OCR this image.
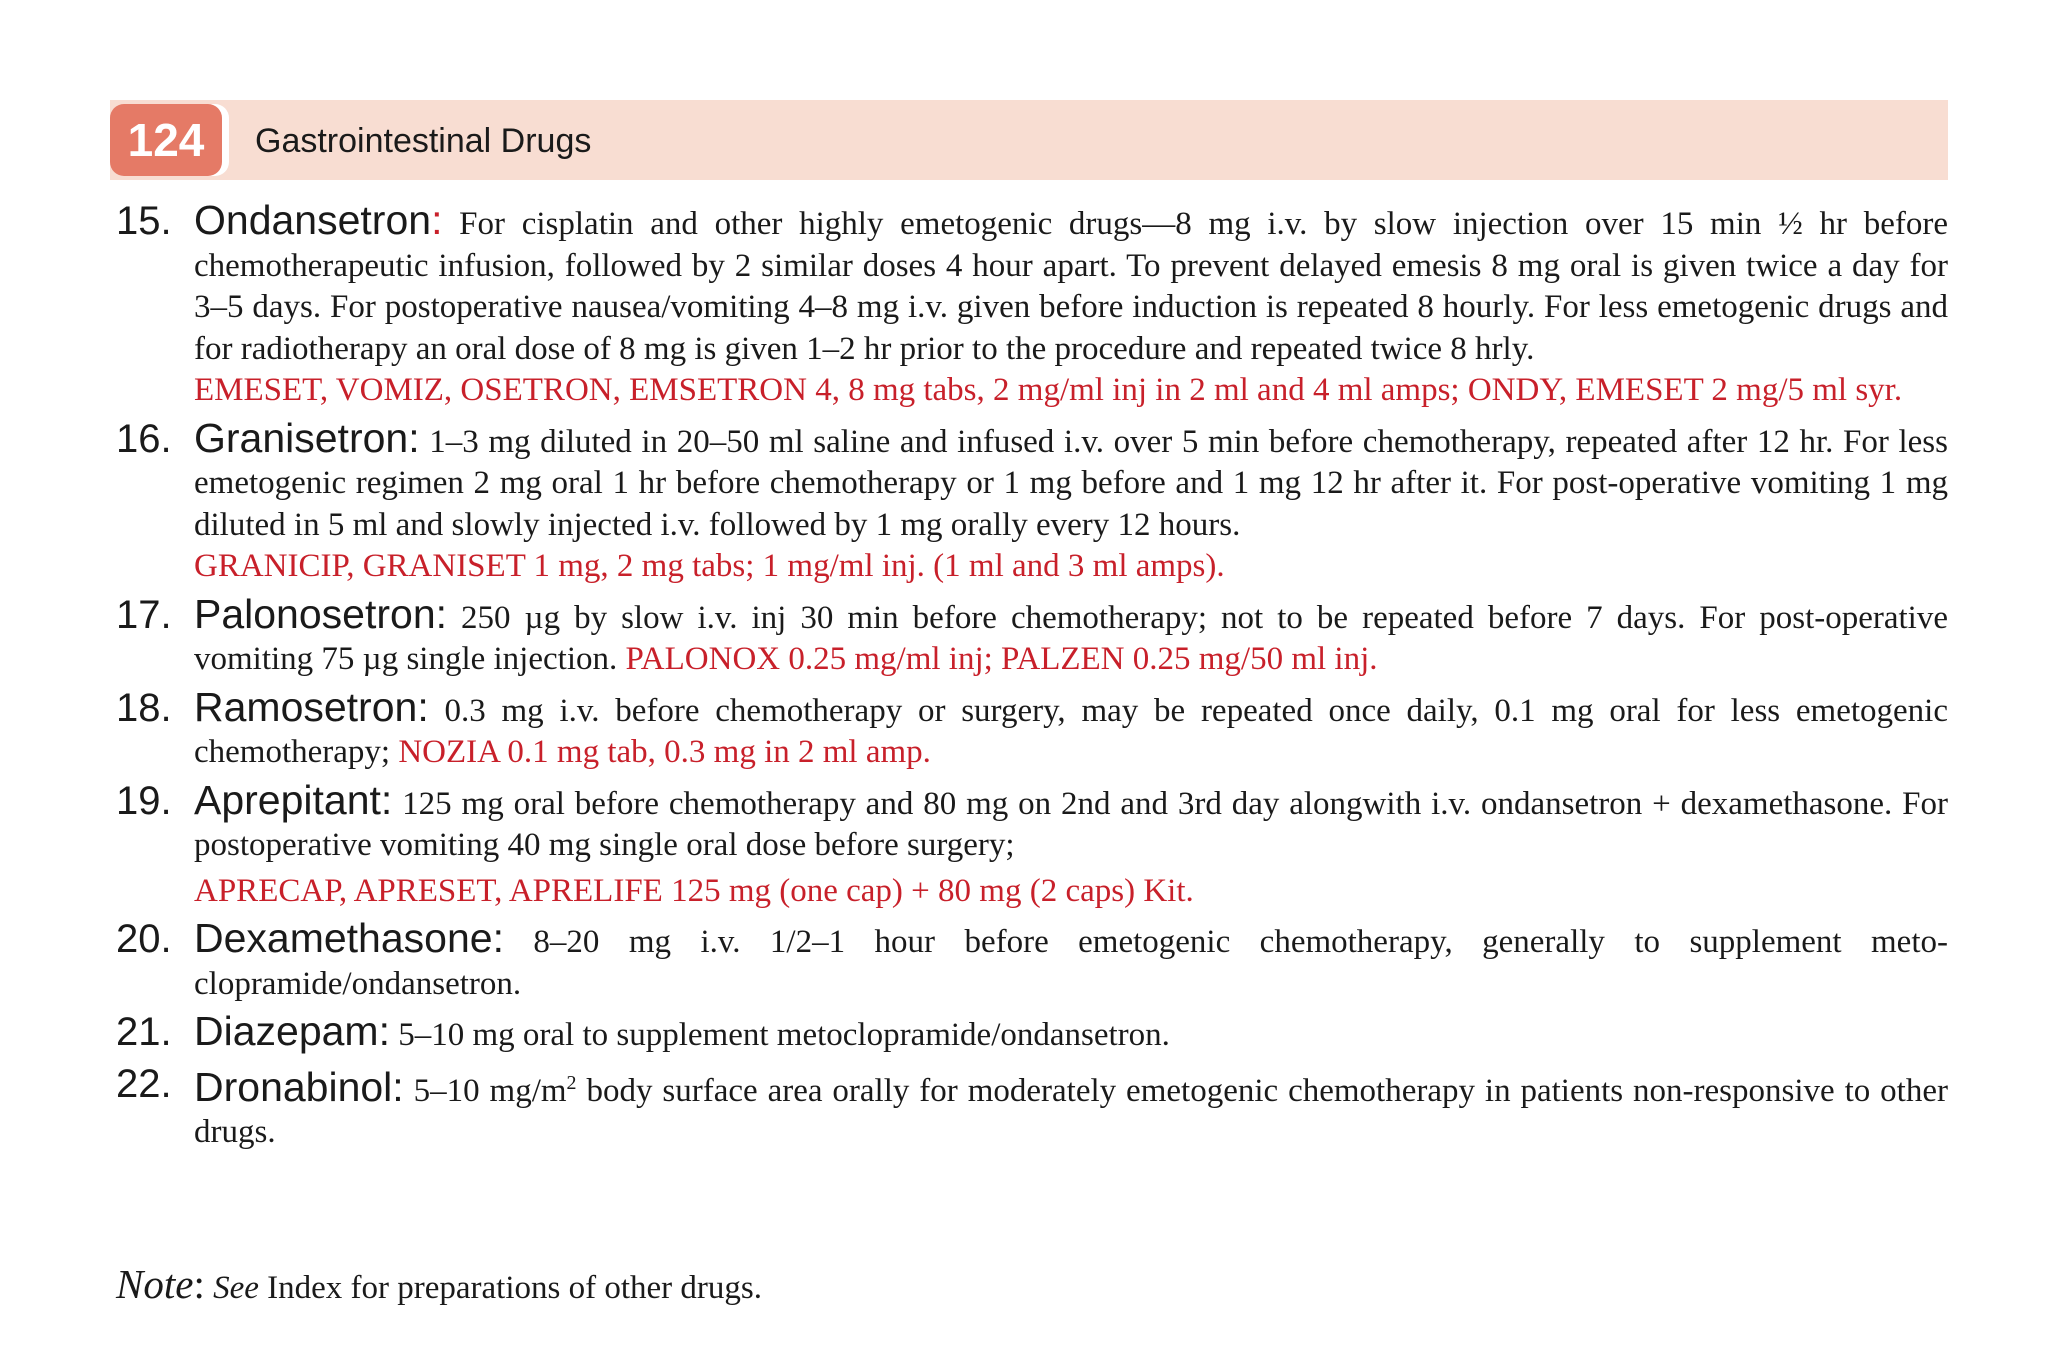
124	Gastrointestinal Drugs
15. Ondansetron: For cisplatin and other highly emetogenic drugs—8 mg i.v. by slow injection over 15 min ½ hr before chemotherapeutic infusion, followed by 2 similar doses 4 hour apart. To prevent delayed emesis 8 mg oral is given twice a day for 3–5 days. For postoperative nausea/vomiting 4–8 mg i.v. given before induction is repeated 8 hourly. For less emetogenic drugs and for radiotherapy an oral dose of 8 mg is given 1–2 hr prior to the procedure and repeated twice 8 hrly.
EMESET, VOMIZ, OSETRON, EMSETRON 4, 8 mg tabs, 2 mg/ml inj in 2 ml and 4 ml amps; ONDY, EMESET 2 mg/5 ml syr.
16. Granisetron: 1–3 mg diluted in 20–50 ml saline and infused i.v. over 5 min before chemotherapy, repeated after 12 hr. For less emetogenic regimen 2 mg oral 1 hr before chemotherapy or 1 mg before and 1 mg 12 hr after it. For post-operative vomiting 1 mg diluted in 5 ml and slowly injected i.v. followed by 1 mg orally every 12 hours.
GRANICIP, GRANISET 1 mg, 2 mg tabs; 1 mg/ml inj. (1 ml and 3 ml amps).
17. Palonosetron: 250 µg by slow i.v. inj 30 min before chemotherapy; not to be repeated before 7 days. For post-operative vomiting 75 µg single injection. PALONOX 0.25 mg/ml inj; PALZEN 0.25 mg/50 ml inj.
18. Ramosetron: 0.3 mg i.v. before chemotherapy or surgery, may be repeated once daily, 0.1 mg oral for less emetogenic chemotherapy; NOZIA 0.1 mg tab, 0.3 mg in 2 ml amp.
19. Aprepitant: 125 mg oral before chemotherapy and 80 mg on 2nd and 3rd day alongwith i.v. ondansetron + dexamethasone. For postoperative vomiting 40 mg single oral dose before surgery;
APRECAP, APRESET, APRELIFE 125 mg (one cap) + 80 mg (2 caps) Kit.
20. Dexamethasone: 8–20 mg i.v. 1/2–1 hour before emetogenic chemotherapy, generally to supplement meto-clopramide/ondansetron.
21. Diazepam: 5–10 mg oral to supplement metoclopramide/ondansetron.
22. Dronabinol: 5–10 $mg/m^2$ body surface area orally for moderately emetogenic chemotherapy in patients non-responsive to other drugs.
Note: See Index for preparations of other drugs.
